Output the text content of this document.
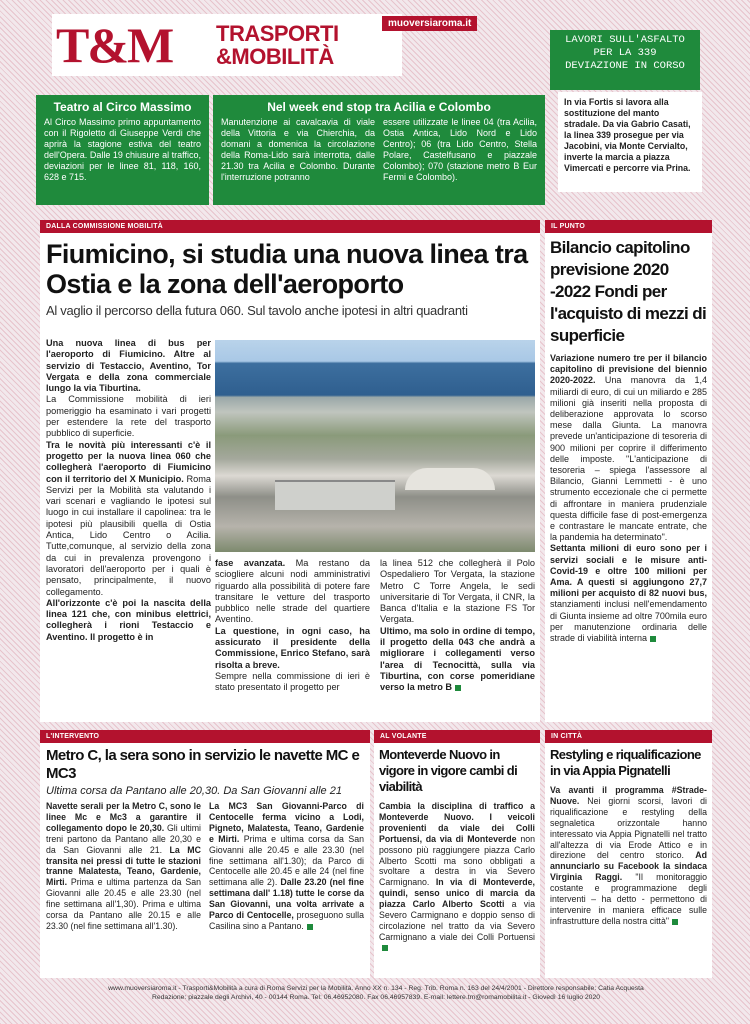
T&M TRASPORTI
&MOBILITÀ
muoversiaroma.it
LAVORI SULL'ASFALTO
PER LA 339
DEVIAZIONE IN CORSO
In via Fortis si lavora alla sostituzione del manto stradale. Da via Gabrio Casati, la linea 339 prosegue per via Jacobini, via Monte Cervialto, inverte la marcia a piazza Vimercati e percorre via Prina.
Teatro al Circo Massimo
Al Circo Massimo primo appuntamento con il Rigoletto di Giuseppe Verdi che aprirà la stagione estiva del teatro dell'Opera. Dalle 19 chiusure al traffico, deviazioni per le linee 81, 118, 160, 628 e 715.
Nel week end stop tra Acilia e Colombo
Manutenzione ai cavalcavia di viale della Vittoria e via Chierchia, da domani a domenica la circolazione della Roma-Lido sarà interrotta, dalle 21.30 tra Acilia e Colombo. Durante l'interruzione potranno
essere utilizzate le linee 04 (tra Acilia, Ostia Antica, Lido Nord e Lido Centro); 06 (tra Lido Centro, Stella Polare, Castelfusano e piazzale Colombo); 070 (stazione metro B Eur Fermi e Colombo).
DALLA COMMISSIONE MOBILITÀ
Fiumicino, si studia una nuova linea tra Ostia e la zona dell'aeroporto
Al vaglio il percorso della futura 060. Sul tavolo anche ipotesi in altri quadranti
Una nuova linea di bus per l'aeroporto di Fiumicino. Altre al servizio di Testaccio, Aventino, Tor Vergata e della zona commerciale lungo la via Tiburtina.
La Commissione mobilità di ieri pomeriggio ha esaminato i vari progetti per estendere la rete del trasporto pubblico di superficie.
Tra le novità più interessanti c'è il progetto per la nuova linea 060 che collegherà l'aeroporto di Fiumicino con il territorio del X Municipio. Roma Servizi per la Mobilità sta valutando i vari scenari e vagliando le ipotesi sul luogo in cui installare il capolinea: tra le ipotesi più plausibili quella di Ostia Antica, Lido Centro o Acilia. Tutte,comunque, al servizio della zona da cui in prevalenza provengono i lavoratori dell'aeroporto per i quali è pensato, principalmente, il nuovo collegamento.
All'orizzonte c'è poi la nascita della linea 121 che, con minibus elettrici, collegherà i rioni Testaccio e Aventino. Il progetto è in
fase avanzata. Ma restano da sciogliere alcuni nodi amministrativi riguardo alla possibilità di potere fare transitare le vetture del trasporto pubblico nelle strade del quartiere Aventino.
La questione, in ogni caso, ha assicurato il presidente della Commissione, Enrico Stefano, sarà risolta a breve.
Sempre nella commissione di ieri è stato presentato il progetto per
la linea 512 che collegherà il Polo Ospedaliero Tor Vergata, la stazione Metro C Torre Angela, le sedi universitarie di Tor Vergata, il CNR, la Banca d'Italia e la stazione FS Tor Vergata.
Ultimo, ma solo in ordine di tempo, il progetto della 043 che andrà a migliorare i collegamenti verso l'area di Tecnocittà, sulla via Tiburtina, con corse pomeridiane verso la metro B
IL PUNTO
Bilancio capitolino previsione 2020 -2022 Fondi per l'acquisto di mezzi di superficie
Variazione numero tre per il bilancio capitolino di previsione del biennio 2020-2022. Una manovra da 1,4 miliardi di euro, di cui un miliardo e 285 milioni già inseriti nella proposta di deliberazione approvata lo scorso mese dalla Giunta. La manovra prevede un'anticipazione di tesoreria di 900 milioni per coprire il differimento delle imposte. "L'anticipazione di tesoreria – spiega l'assessore al Bilancio, Gianni Lemmetti - è uno strumento eccezionale che ci permette di affrontare in maniera prudenziale questa difficile fase di post-emergenza e contrastare le mancate entrate, che la pandemia ha determinato".
Settanta milioni di euro sono per i servizi sociali e le misure anti-Covid-19 e oltre 100 milioni per Ama. A questi si aggiungono 27,7 milioni per acquisto di 82 nuovi bus, stanziamenti inclusi nell'emendamento di Giunta insieme ad oltre 700mila euro per manutenzione ordinaria delle strade di viabilità interna
L'INTERVENTO
Metro C, la sera sono in servizio le navette MC e MC3
Ultima corsa da Pantano alle 20,30. Da San Giovanni alle 21
Navette serali per la Metro C, sono le linee Mc e Mc3 a garantire il collegamento dopo le 20,30. Gli ultimi treni partono da Pantano alle 20,30 e da San Giovanni alle 21. La MC transita nei pressi di tutte le stazioni tranne Malatesta, Teano, Gardenie, Mirti. Prima e ultima partenza da San Giovanni alle 20.45 e alle 23.30 (nel fine settimana all'1,30). Prima e ultima corsa da Pantano alle 20.15 e alle 23.30 (nel fine settimana all'1.30).
La MC3 San Giovanni-Parco di Centocelle ferma vicino a Lodi, Pigneto, Malatesta, Teano, Gardenie e Mirti. Prima e ultima corsa da San Giovanni alle 20.45 e alle 23.30 (nel fine settimana all'1.30); da Parco di Centocelle alle 20.45 e alle 24 (nel fine settimana alle 2). Dalle 23.20 (nel fine settimana dall' 1.18) tutte le corse da San Giovanni, una volta arrivate a Parco di Centocelle, proseguono sulla Casilina sino a Pantano.
AL VOLANTE
Monteverde Nuovo in vigore in vigore cambi di viabilità
Cambia la disciplina di traffico a Monteverde Nuovo. I veicoli provenienti da viale dei Colli Portuensi, da via di Monteverde non possono più raggiungere piazza Carlo Alberto Scotti ma sono obbligati a svoltare a destra in via Severo Carmignano. In via di Monteverde, quindi, senso unico di marcia da piazza Carlo Alberto Scotti a via Severo Carmignano e doppio senso di circolazione nel tratto da via Severo Carmignano a viale dei Colli Portuensi
IN CITTÀ
Restyling e riqualificazione in via Appia Pignatelli
Va avanti il programma #Strade-Nuove. Nei giorni scorsi, lavori di riqualificazione e restyling della segnaletica orizzontale hanno interessato via Appia Pignatelli nel tratto all'altezza di via Erode Attico e in direzione del centro storico. Ad annunciarlo su Facebook la sindaca Virginia Raggi. "Il monitoraggio costante e programmazione degli interventi – ha detto - permettono di intervenire in maniera efficace sulle infrastrutture della nostra città"
www.muoversiaroma.it - Trasporti&Mobilità a cura di Roma Servizi per la Mobilità. Anno XX n. 134 - Reg. Trib. Roma n. 163 del 24/4/2001 - Direttore responsabile: Catia Acquesta
Redazione: piazzale degli Archivi, 40 - 00144 Roma. Tel: 06.46952080. Fax 06.46957839. E-mail: lettere.tm@romamobilita.it - Giovedì 16 luglio 2020
